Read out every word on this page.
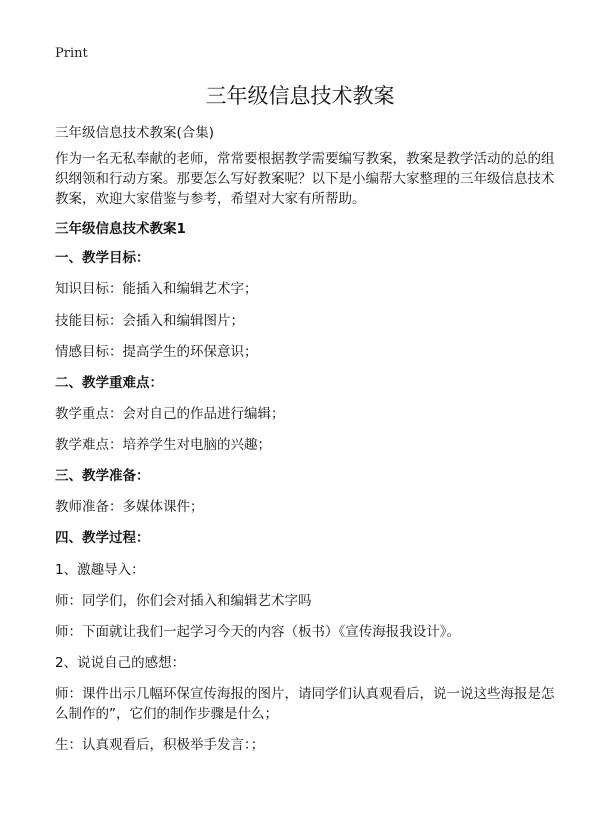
Print
三年级信息技术教案
三年级信息技术教案(合集)

作为一名无私奉献的老师，常常要根据教学需要编写教案，教案是教学活动的总的组织纲领和行动方案。那要怎么写好教案呢？以下是小编帮大家整理的三年级信息技术教案，欢迎大家借鉴与参考，希望对大家有所帮助。

三年级信息技术教案1

一、教学目标：

知识目标：能插入和编辑艺术字；

技能目标：会插入和编辑图片；

情感目标：提高学生的环保意识；

二、教学重难点：

教学重点：会对自己的作品进行编辑；

教学难点：培养学生对电脑的兴趣；

三、教学准备：

教师准备：多媒体课件；

四、教学过程：

1、激趣导入：

师：同学们，你们会对插入和编辑艺术字吗

师：下面就让我们一起学习今天的内容（板书）《宣传海报我设计》。

2、说说自己的感想：

师：课件出示几幅环保宣传海报的图片，请同学们认真观看后，说一说这些海报是怎么制作的”，它们的制作步骤是什么；

生：认真观看后，积极举手发言：；
